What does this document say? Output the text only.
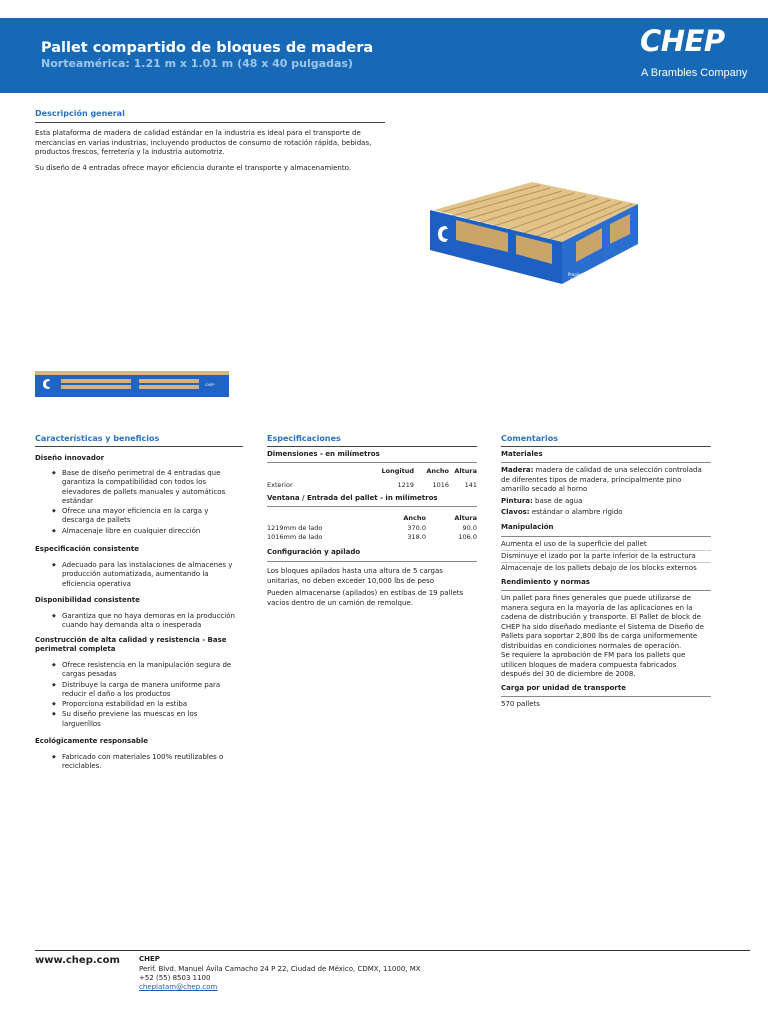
Pallet compartido de bloques de madera
Norteamérica: 1.21 m x 1.01 m (48 x 40 pulgadas)
CHEP
A Brambles Company
Descripción general
Esta plataforma de madera de calidad estándar en la industria es ideal para el transporte de
mercancías en varias industrias, incluyendo productos de consumo de rotación rápida, bebidas,
productos frescos, ferretería y la industria automotriz.
Su diseño de 4 entradas ofrece mayor eficiencia durante el transporte y almacenamiento.
Propiedad
de CHEP
CHEP
Características y beneficios
Diseño innovador
◆ Base de diseño perimetral de 4 entradas que
garantiza la compatibilidad con todos los
elevadores de pallets manuales y automáticos
estándar
◆ Ofrece una mayor eficiencia en la carga y
descarga de pallets
◆ Almacenaje libre en cualquier dirección
Especificación consistente
◆ Adecuado para las instalaciones de almacenes y
producción automatizada, aumentando la
eficiencia operativa
Disponibilidad consistente
◆ Garantiza que no haya demoras en la producción
cuando hay demanda alta o inesperada
Construcción de alta calidad y resistencia - Base
perimetral completa
◆ Ofrece resistencia en la manipulación segura de
cargas pesadas
◆ Distribuye la carga de manera uniforme para
reducir el daño a los productos
◆ Proporciona estabilidad en la estiba
◆ Su diseño previene las muescas en los
largueríllos
Ecológicamente responsable
◆ Fabricado con materiales 100% reutilizables o
reciclables.
Especificaciones
Dimensiones - en milímetros
	Longitud	Ancho	Altura
Exterior	1219	1016	141
Ventana / Entrada del pallet - in milímetros
	Ancho	Altura
1219mm de lado	370.0	90.0
1016mm de lado	318.0	106.0
Configuración y apilado
Los bloques apilados hasta una altura de 5 cargas
unitarias, no deben exceder 10,000 lbs de peso
Pueden almacenarse (apilados) en estibas de 19 pallets
vacíos dentro de un camión de remolque.
Comentarios
Materiales
Madera: madera de calidad de una selección controlada
de diferentes tipos de madera, principalmente pino
amarillo secado al horno
Pintura: base de agua
Clavos: estándar o alambre rígido
Manipulación
Aumenta el uso de la superficie del pallet
Disminuye el izado por la parte inferior de la estructura
Almacenaje de los pallets debajo de los blocks externos
Rendimiento y normas
Un pallet para fines generales que puede utilizarse de
manera segura en la mayoría de las aplicaciones en la
cadena de distribución y transporte. El Pallet de block de
CHEP ha sido diseñado mediante el Sistema de Diseño de
Pallets para soportar 2,800 lbs de carga uniformemente
distribuidas en condiciones normales de operación.
Se requiere la aprobación de FM para los pallets que
utilicen bloques de madera compuesta fabricados
después del 30 de diciembre de 2008.
Carga por unidad de transporte
570 pallets
www.chep.com	CHEP
Perif. Blvd. Manuel Ávila Camacho 24 P 22, Ciudad de México, CDMX, 11000, MX
+52 (55) 8503 1100
cheplatam@chep.com
